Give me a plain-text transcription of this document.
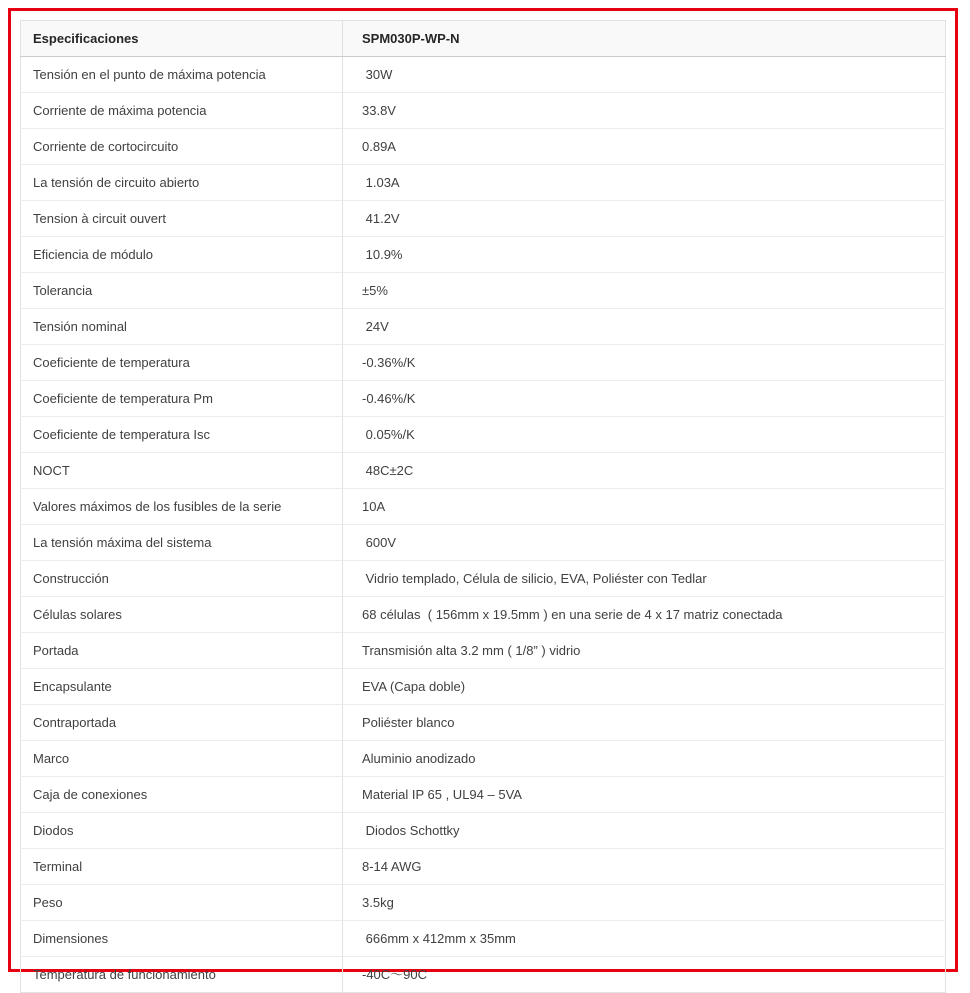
Especificaciones	SPM030P-WP-N
Tensión en el punto de máxima potencia	30W
Corriente de máxima potencia	33.8V
Corriente de cortocircuito	0.89A
La tensión de circuito abierto	1.03A
Tension à circuit ouvert	41.2V
Eficiencia de módulo	10.9%
Tolerancia	±5%
Tensión nominal	24V
Coeficiente de temperatura	-0.36%/K
Coeficiente de temperatura Pm	-0.46%/K
Coeficiente de temperatura Isc	0.05%/K
NOCT	48C±2C
Valores máximos de los fusibles de la serie	10A
La tensión máxima del sistema	600V
Construcción	Vidrio templado, Célula de silicio, EVA, Poliéster con Tedlar
Células solares	68 células  ( 156mm x 19.5mm ) en una serie de 4 x 17 matriz conectada
Portada	Transmisión alta 3.2 mm ( 1/8” ) vidrio
Encapsulante	EVA (Capa doble)
Contraportada	Poliéster blanco
Marco	Aluminio anodizado
Caja de conexiones	Material IP 65 , UL94 – 5VA
Diodos	Diodos Schottky
Terminal	8-14 AWG
Peso	3.5kg
Dimensiones	666mm x 412mm x 35mm
Temperatura de funcionamiento	-40C～90C
